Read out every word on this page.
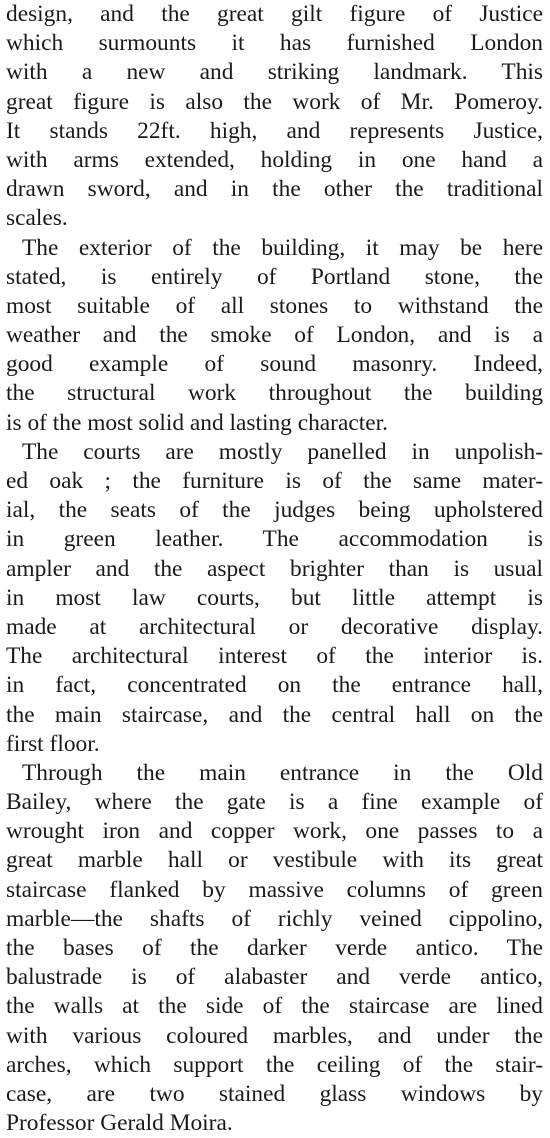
design, and the great gilt figure of Justice
which surmounts it has furnished London
with a new and striking landmark. This
great figure is also the work of Mr. Pomeroy.
It stands 22ft. high, and represents Justice,
with arms extended, holding in one hand a
drawn sword, and in the other the traditional
scales.
The exterior of the building, it may be here
stated, is entirely of Portland stone, the
most suitable of all stones to withstand the
weather and the smoke of London, and is a
good example of sound masonry. Indeed,
the structural work throughout the building
is of the most solid and lasting character.
The courts are mostly panelled in unpolish-
ed oak ; the furniture is of the same mater-
ial, the seats of the judges being upholstered
in green leather. The accommodation is
ampler and the aspect brighter than is usual
in most law courts, but little attempt is
made at architectural or decorative display.
The architectural interest of the interior is.
in fact, concentrated on the entrance hall,
the main staircase, and the central hall on the
first floor.
Through the main entrance in the Old
Bailey, where the gate is a fine example of
wrought iron and copper work, one passes to a
great marble hall or vestibule with its great
staircase flanked by massive columns of green
marble—the shafts of richly veined cippolino,
the bases of the darker verde antico. The
balustrade is of alabaster and verde antico,
the walls at the side of the staircase are lined
with various coloured marbles, and under the
arches, which support the ceiling of the stair-
case, are two stained glass windows by
Professor Gerald Moira.
